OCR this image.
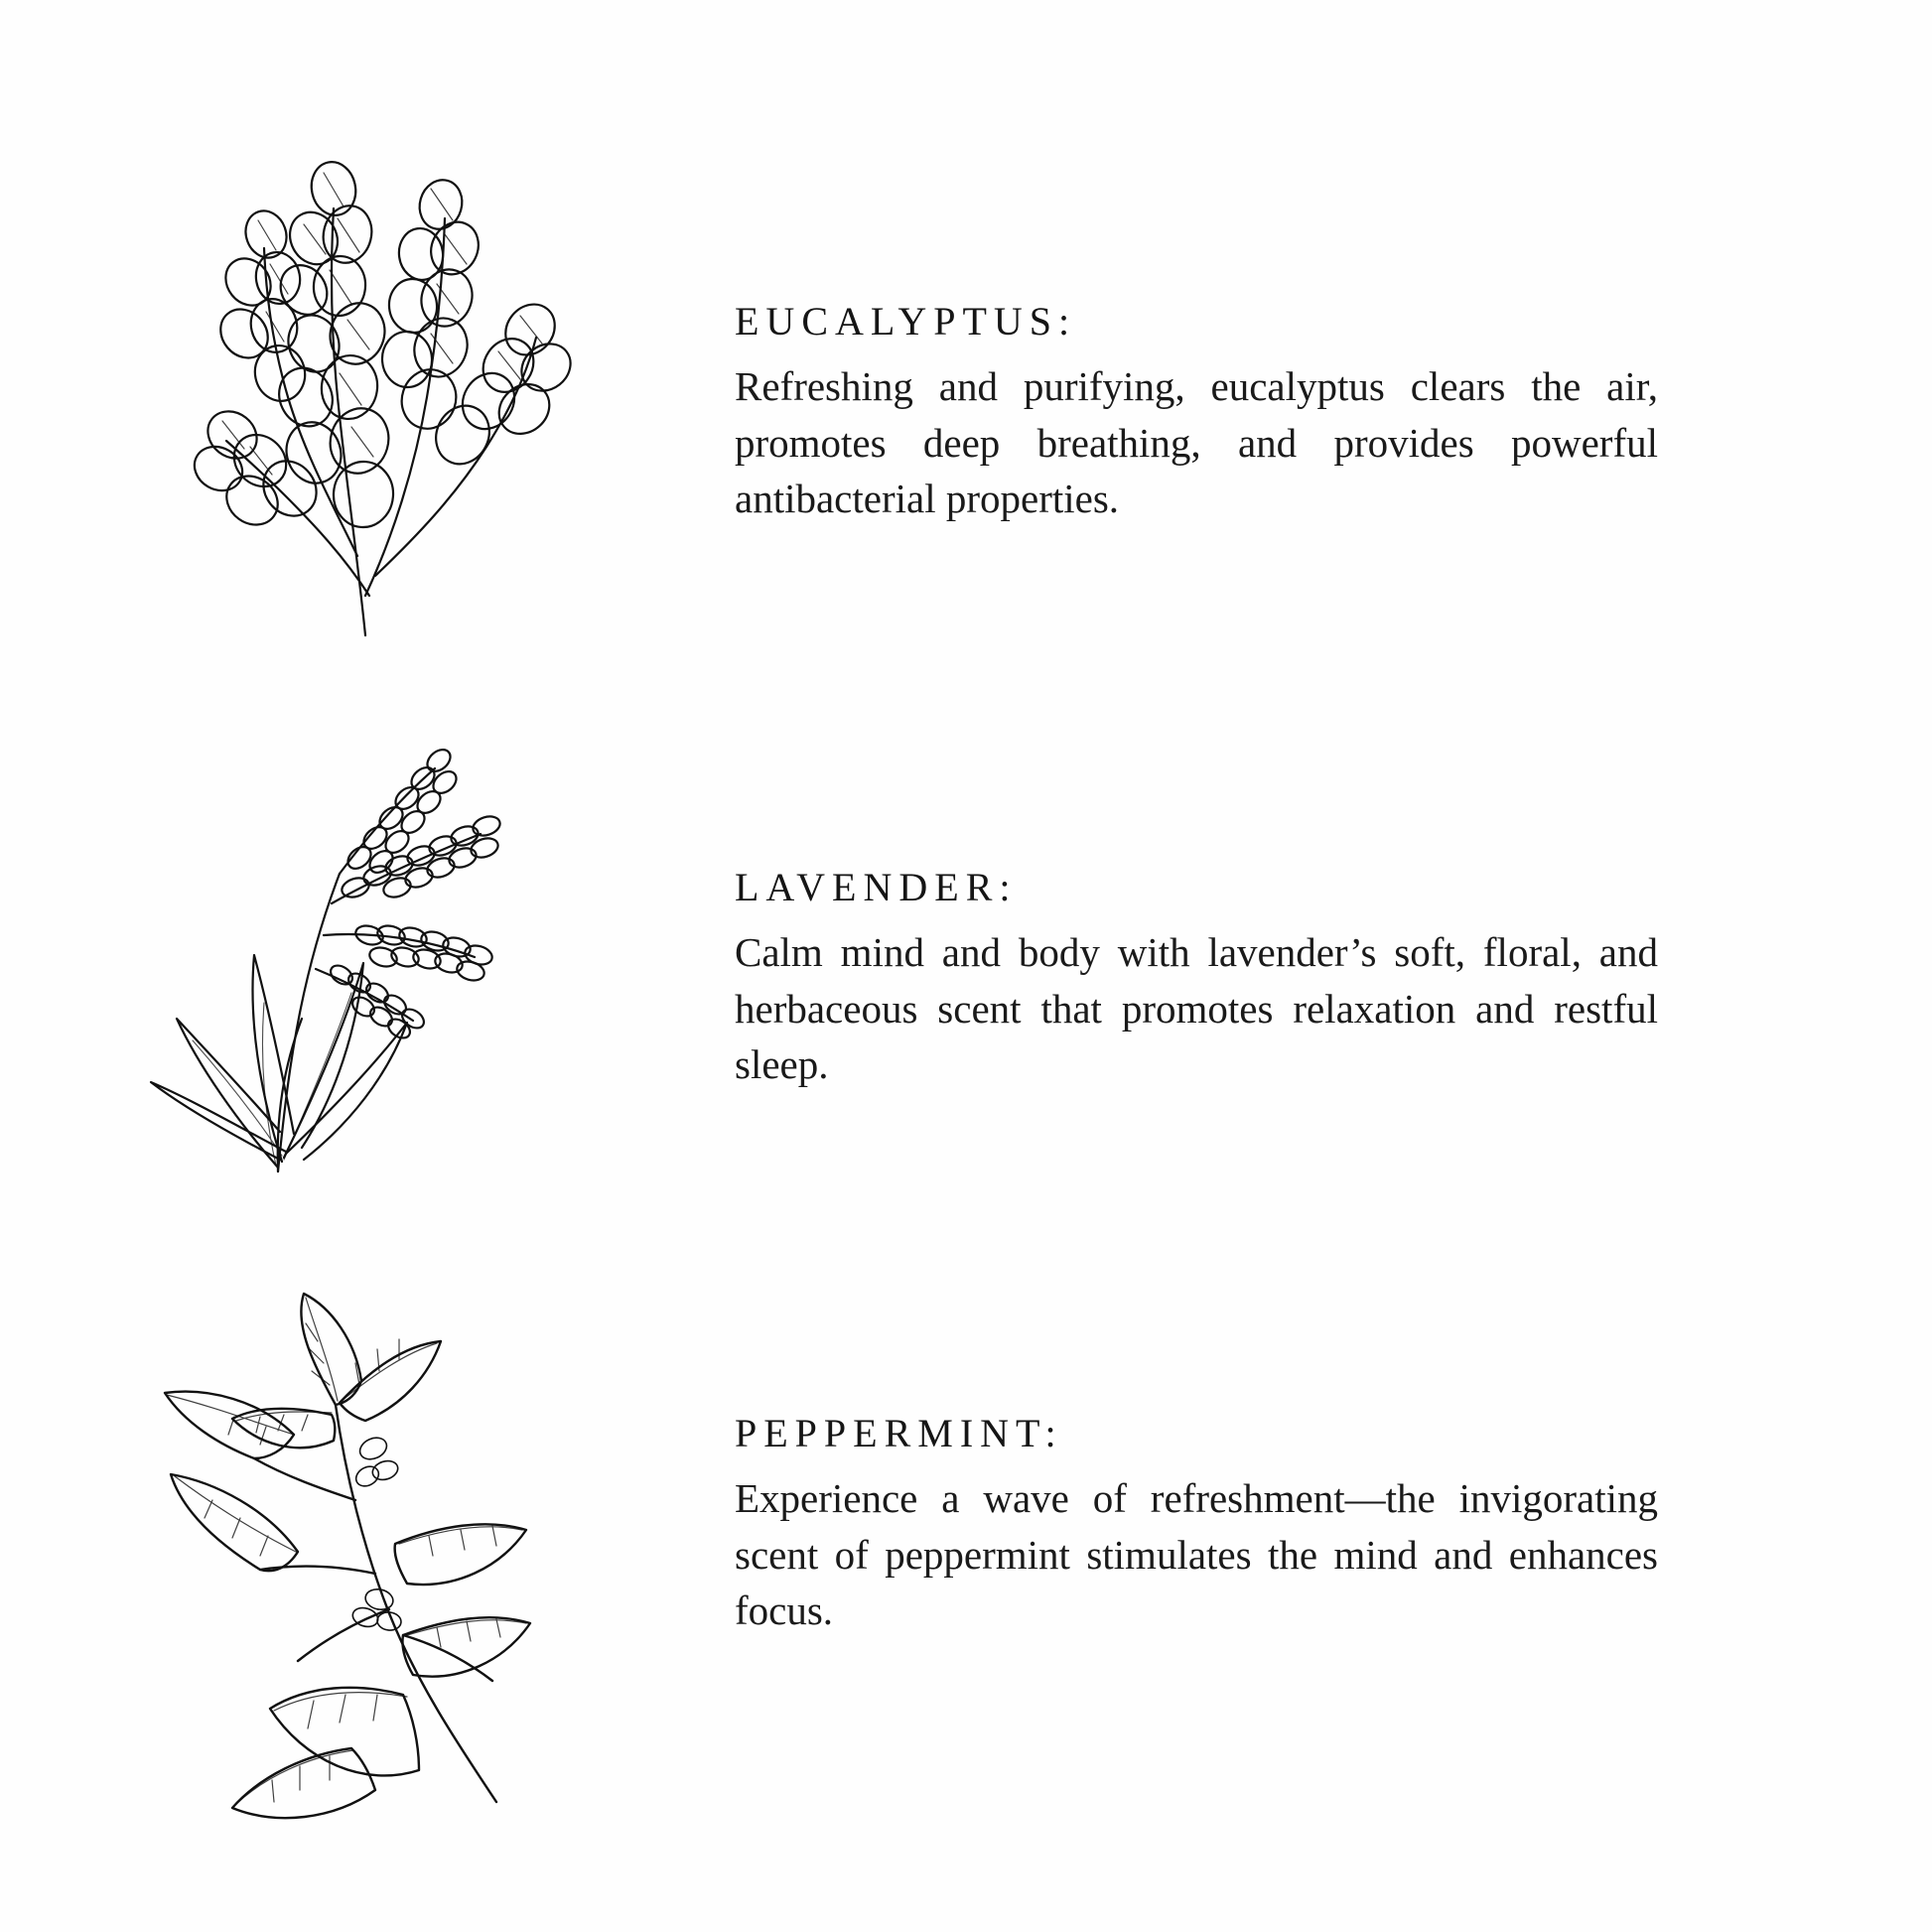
EUCALYPTUS:

Refreshing and purifying, eucalyptus clears the air, promotes deep breathing, and provides powerful antibacterial properties.

LAVENDER:

Calm mind and body with lavender’s soft, floral, and herbaceous scent that promotes relaxation and restful sleep.

PEPPERMINT:

Experience a wave of refreshment—the invigorating scent of peppermint stimulates the mind and enhances focus.
